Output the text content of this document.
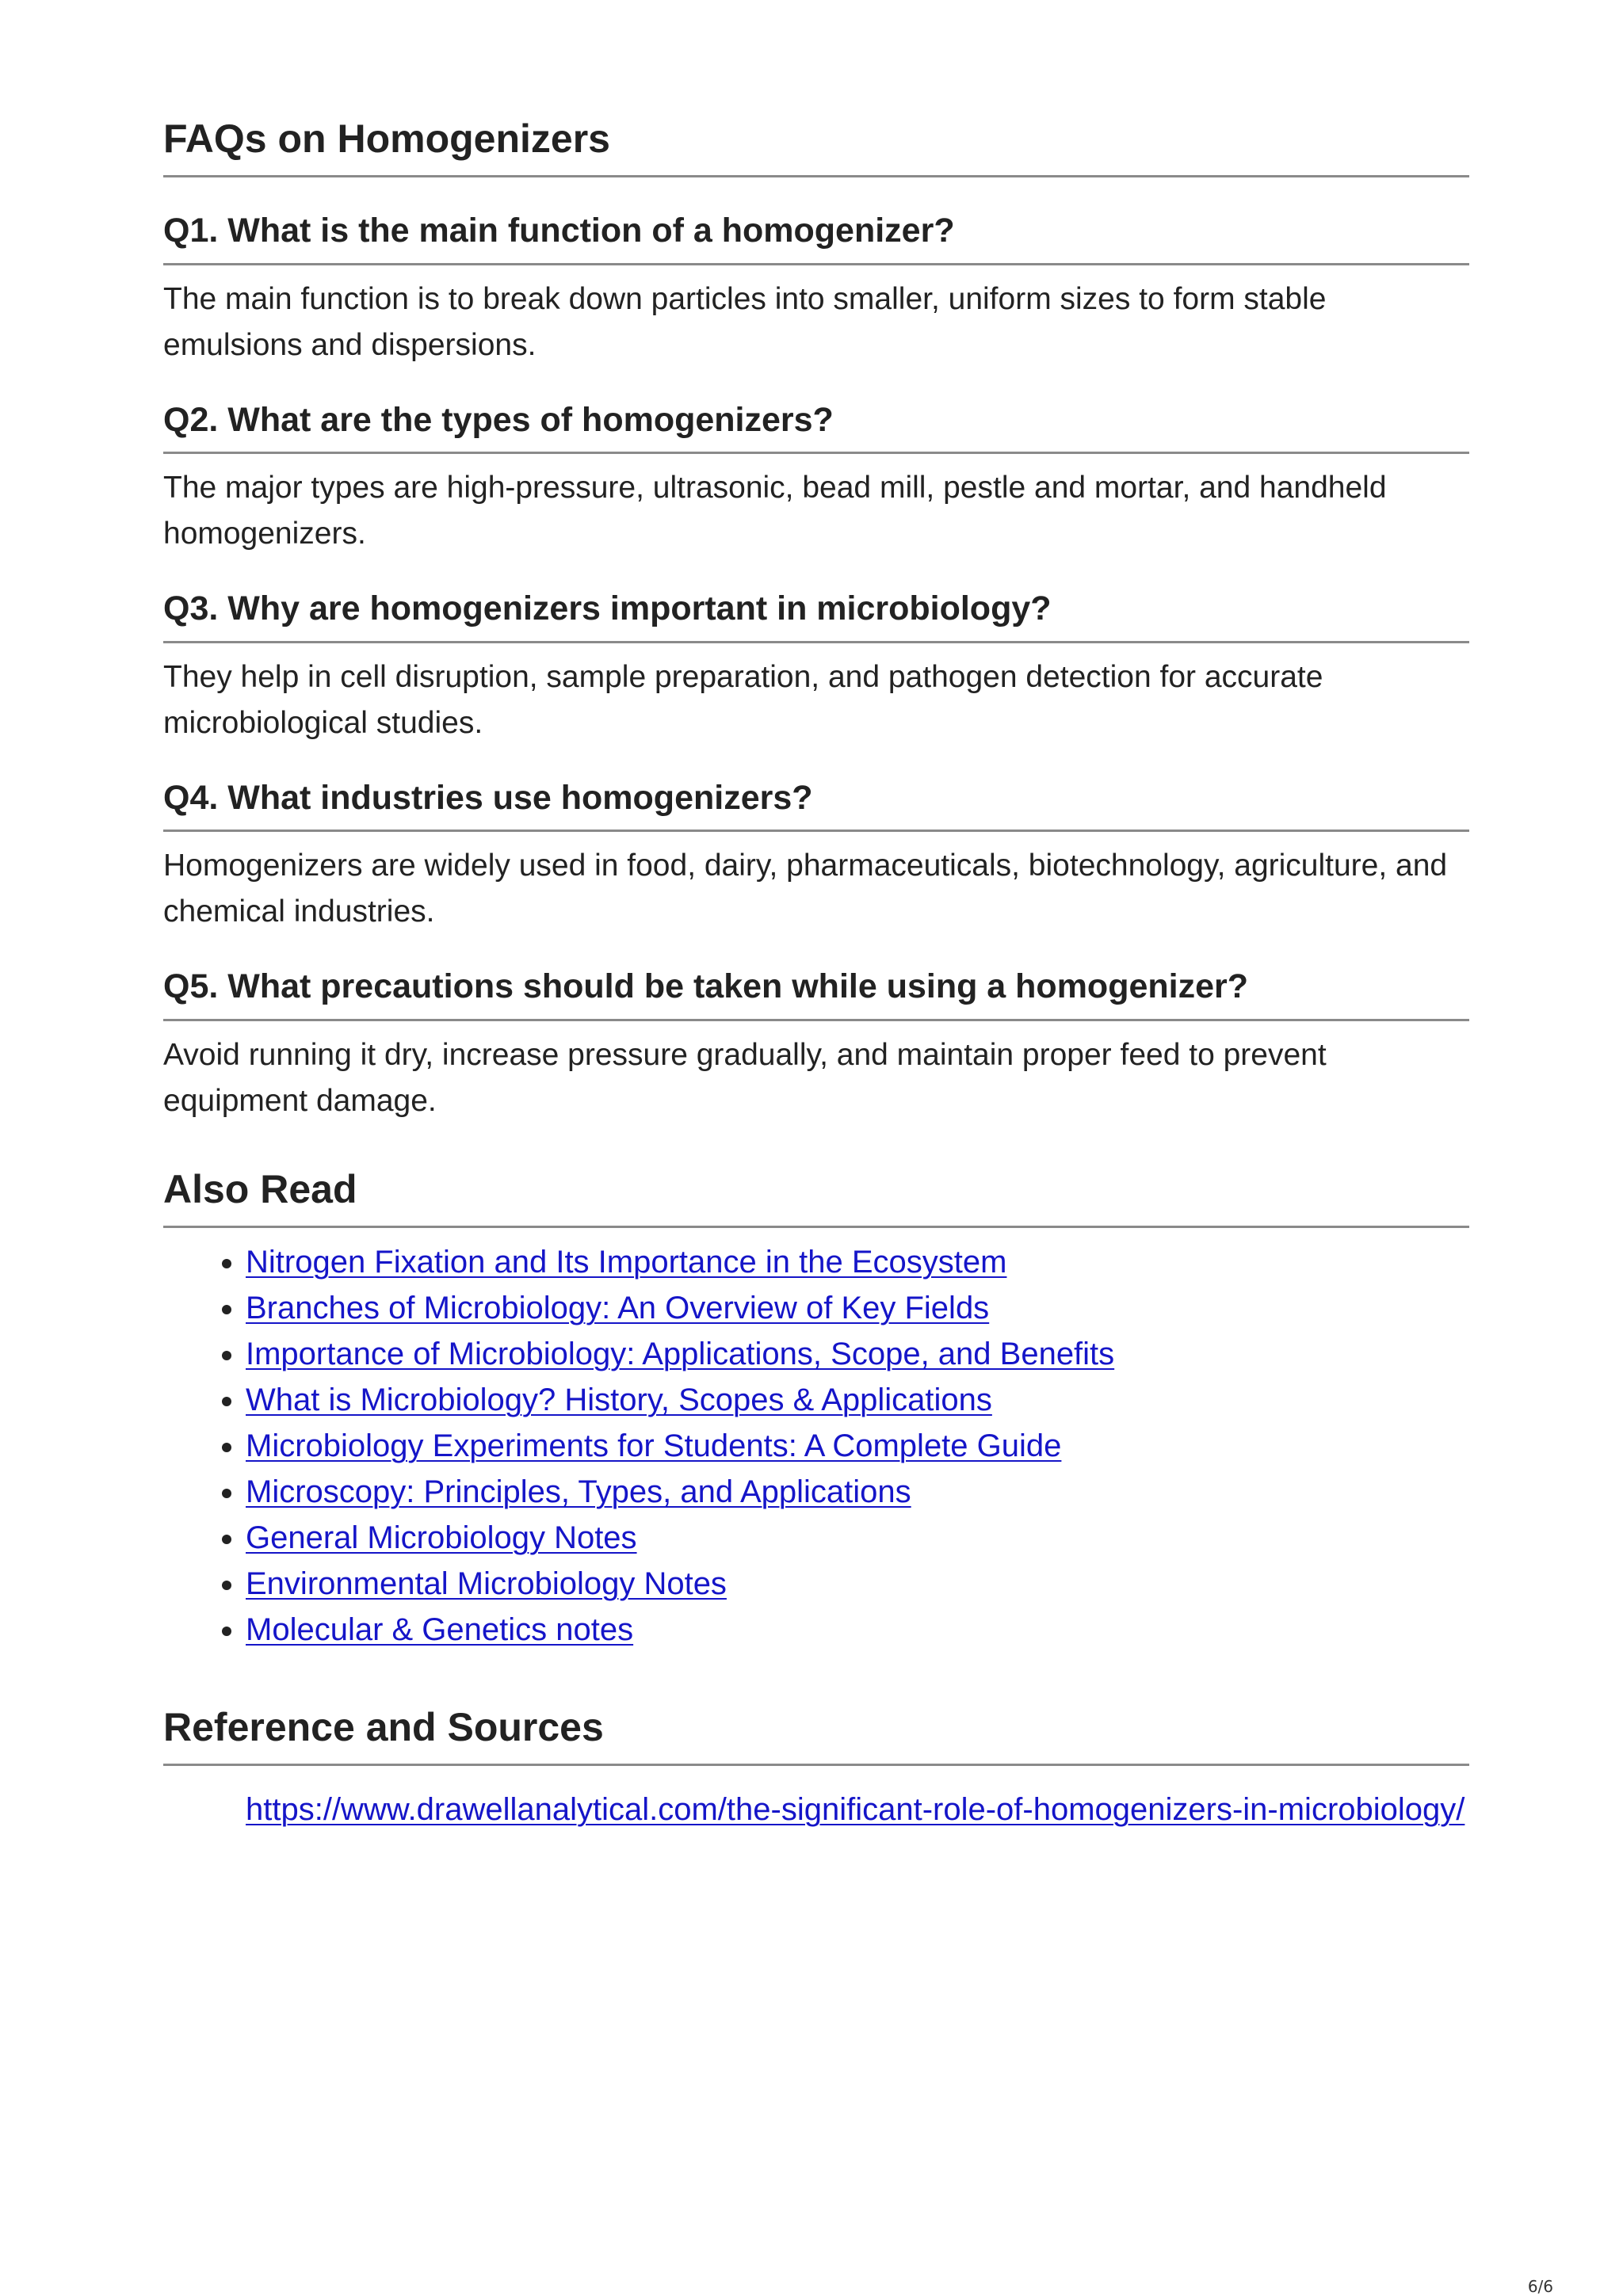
FAQs on Homogenizers
Q1. What is the main function of a homogenizer?

The main function is to break down particles into smaller, uniform sizes to form stable emulsions and dispersions.

Q2. What are the types of homogenizers?

The major types are high-pressure, ultrasonic, bead mill, pestle and mortar, and handheld homogenizers.

Q3. Why are homogenizers important in microbiology?

They help in cell disruption, sample preparation, and pathogen detection for accurate microbiological studies.

Q4. What industries use homogenizers?

Homogenizers are widely used in food, dairy, pharmaceuticals, biotechnology, agriculture, and chemical industries.

Q5. What precautions should be taken while using a homogenizer?

Avoid running it dry, increase pressure gradually, and maintain proper feed to prevent equipment damage.

Also Read
• Nitrogen Fixation and Its Importance in the Ecosystem
• Branches of Microbiology: An Overview of Key Fields
• Importance of Microbiology: Applications, Scope, and Benefits
• What is Microbiology? History, Scopes & Applications
• Microbiology Experiments for Students: A Complete Guide
• Microscopy: Principles, Types, and Applications
• General Microbiology Notes
• Environmental Microbiology Notes
• Molecular & Genetics notes
Reference and Sources
https://www.drawellanalytical.com/the-significant-role-of-homogenizers-in-microbiology/
6/6
